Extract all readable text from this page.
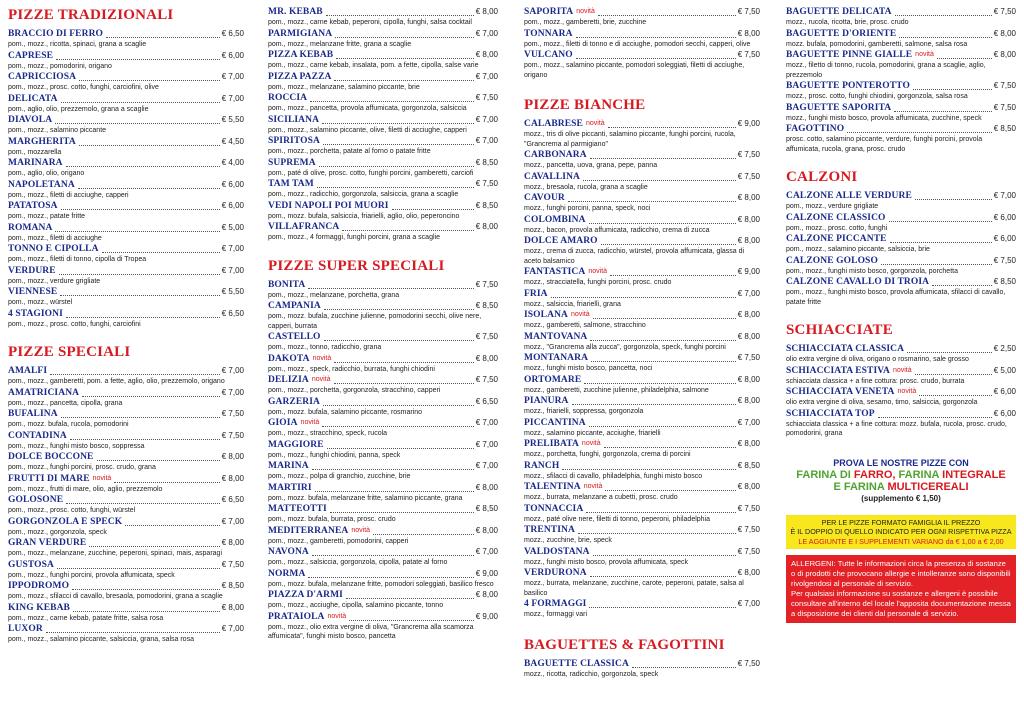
PIZZE TRADIZIONALI
BRACCIO DI FERRO	€ 6,50
pom., mozz., ricotta, spinaci, grana a scaglie
CAPRESE	€ 6,00
pom., mozz., pomodorini, origano
CAPRICCIOSA	€ 7,00
pom., mozz., prosc. cotto, funghi, carciofini, olive
DELICATA	€ 7,00
pom., aglio, olio, prezzemolo, grana a scaglie
DIAVOLA	€ 5,50
pom., mozz., salamino piccante
MARGHERITA	€ 4,50
pom., mozzarella
MARINARA	€ 4,00
pom., aglio, olio, origano
NAPOLETANA	€ 6,00
pom., mozz., filetti di acciughe, capperi
PATATOSA	€ 6,00
pom., mozz., patate fritte
ROMANA	€ 5,00
pom., mozz., filetti di acciughe
TONNO E CIPOLLA	€ 7,00
pom., mozz., filetti di tonno, cipolla di Tropea
VERDURE	€ 7,00
pom., mozz., verdure grigliate
VIENNESE	€ 5,50
pom., mozz., würstel
4 STAGIONI	€ 6,50
pom., mozz., prosc. cotto, funghi, carciofini
PIZZE SPECIALI
AMALFI	€ 7,00
pom., mozz., gamberetti, pom. a fette, aglio, olio, prezzemolo, origano
AMATRICIANA	€ 7,00
pom., mozz., pancetta, cipolla, grana
BUFALINA	€ 7,50
pom., mozz. bufala, rucola, pomodorini
CONTADINA	€ 7,50
pom., mozz., funghi misto bosco, soppressa
DOLCE BOCCONE	€ 8,00
pom., mozz., funghi porcini, prosc. crudo, grana
FRUTTI DI MARE novità	€ 8,00
pom., mozz., frutti di mare, olio, aglio, prezzemolo
GOLOSONE	€ 6,50
pom., mozz., prosc. cotto, funghi, würstel
GORGONZOLA E SPECK	€ 7,00
pom., mozz., gorgonzola, speck
GRAN VERDURE	€ 8,00
pom., mozz., melanzane, zucchine, peperoni, spinaci, mais, asparagi
GUSTOSA	€ 7,50
pom., mozz., funghi porcini, provola affumicata, speck
IPPODROMO	€ 8,50
pom., mozz., sfilacci di cavallo, bresaola, pomodorini, grana a scaglie
KING KEBAB	€ 8,00
pom., mozz., carne kebab, patate fritte, salsa rosa
LUXOR	€ 7,00
pom., mozz., salamino piccante, salsiccia, grana, salsa rosa
MR. KEBAB	€ 8,00
pom., mozz., carne kebab, peperoni, cipolla, funghi, salsa cocktail
PARMIGIANA	€ 7,00
pom., mozz., melanzane fritte, grana a scaglie
PIZZA KEBAB	€ 8,00
pom., mozz., carne kebab, insalata, pom. a fette, cipolla, salse varie
PIZZA PAZZA	€ 7,00
pom., mozz., melanzane, salamino piccante, brie
ROCCIA	€ 7,50
pom., mozz., pancetta, provola affumicata, gorgonzola, salsiccia
SICILIANA	€ 7,00
pom., mozz., salamino piccante, olive, filetti di acciughe, capperi
SPIRITOSA	€ 7,00
pom., mozz., porchetta, patate al forno o patate fritte
SUPREMA	€ 8,50
pom., paté di olive, prosc. cotto, funghi porcini, gamberetti, carciofi
TAM TAM	€ 7,50
pom., mozz., radicchio, gorgonzola, salsiccia, grana a scaglie
VEDI NAPOLI POI MUORI	€ 8,50
pom., mozz. bufala, salsiccia, friarielli, aglio, olio, peperoncino
VILLAFRANCA	€ 8,00
pom., mozz., 4 formaggi, funghi porcini, grana a scaglie
PIZZE SUPER SPECIALI
BONITA	€ 7,50
pom., mozz., melanzane, porchetta, grana
CAMPANIA	€ 8,50
pom., mozz. bufala, zucchine julienne, pomodorini secchi, olive nere, capperi, burrata
CASTELLO	€ 7,50
pom., mozz., tonno, radicchio, grana
DAKOTA novità	€ 8,00
pom., mozz., speck, radicchio, burrata, funghi chiodini
DELIZIA novità	€ 7,50
pom., mozz., porchetta, gorgonzola, stracchino, capperi
GARZERIA	€ 6,50
pom., mozz. bufala, salamino piccante, rosmarino
GIOIA novità	€ 7,00
pom., mozz., stracchino, speck, rucola
MAGGIORE	€ 7,00
pom., mozz., funghi chiodini, panna, speck
MARINA	€ 7,00
pom., mozz., polpa di granchio, zucchine, brie
MARTIRI	€ 8,00
pom., mozz. bufala, melanzane fritte, salamino piccante, grana
MATTEOTTI	€ 8,50
pom., mozz. bufala, burrata, prosc. crudo
MEDITERRANEA novità	€ 8,00
pom., mozz., gamberetti, pomodorini, capperi
NAVONA	€ 7,00
pom., mozz., salsiccia, gorgonzola, cipolla, patate al forno
NORMA	€ 9,00
pom., mozz. bufala, melanzane fritte, pomodori soleggiati, basilico fresco
PIAZZA D'ARMI	€ 8,00
pom., mozz., acciughe, cipolla, salamino piccante, tonno
PRATAIOLA novità	€ 9,00
pom., mozz., olio extra vergine di oliva, "Grancrema alla scamorza affumicata", funghi misto bosco, pancetta
SAPORITA novità	€ 7,50
pom., mozz., gamberetti, brie, zucchine
TONNARA	€ 8,00
pom., mozz., filetti di tonno e di acciughe, pomodori secchi, capperi, olive
VULCANO	€ 7,50
pom., mozz., salamino piccante, pomodori soleggiati, filetti di acciughe, origano
PIZZE BIANCHE
CALABRESE novità	€ 9,00
mozz., tris di olive piccanti, salamino piccante, funghi porcini, rucola, "Grancrema al parmigiano"
CARBONARA	€ 7,50
mozz., pancetta, uova, grana, pepe, panna
CAVALLINA	€ 7,50
mozz., bresaola, rucola, grana a scaglie
CAVOUR	€ 8,00
mozz., funghi porcini, panna, speck, noci
COLOMBINA	€ 8,00
mozz., bacon, provola affumicata, radicchio, crema di zucca
DOLCE AMARO	€ 8,00
mozz., crema di zucca, radicchio, würstel, provola affumicata, glassa di aceto balsamico
FANTASTICA novità	€ 9,00
mozz., stracciatella, funghi porcini, prosc. crudo
FRIA	€ 7,00
mozz., salsiccia, friarielli, grana
ISOLANA novità	€ 8,00
mozz., gamberetti, salmone, stracchino
MANTOVANA	€ 8,00
mozz., "Grancrema alla zucca", gorgonzola, speck, funghi porcini
MONTANARA	€ 7,50
mozz., funghi misto bosco, pancetta, noci
ORTOMARE	€ 8,00
mozz., gamberetti, zucchine julienne, philadelphia, salmone
PIANURA	€ 8,00
mozz., friarielli, soppressa, gorgonzola
PICCANTINA	€ 7,00
mozz., salamino piccante, acciughe, friarielli
PRELIBATA novità	€ 8,00
mozz., porchetta, funghi, gorgonzola, crema di porcini
RANCH	€ 8,50
mozz., sfilacci di cavallo, philadelphia, funghi misto bosco
TALENTINA novità	€ 8,00
mozz., burrata, melanzane a cubetti, prosc. crudo
TONNACCIA	€ 7,50
mozz., paté olive nere, filetti di tonno, peperoni, philadelphia
TRENTINA	€ 7,50
mozz., zucchine, brie, speck
VALDOSTANA	€ 7,50
mozz., funghi misto bosco, provola affumicata, speck
VERDURONA	€ 8,00
mozz., burrata, melanzane, zucchine, carote, peperoni, patate, salsa al basilico
4 FORMAGGI	€ 7,00
mozz., formaggi vari
BAGUETTES & FAGOTTINI
BAGUETTE CLASSICA	€ 7,50
mozz., ricotta, radicchio, gorgonzola, speck
BAGUETTE DELICATA	€ 7,50
mozz., rucola, ricotta, brie, prosc. crudo
BAGUETTE D'ORIENTE	€ 8,00
mozz. bufala, pomodorini, gamberetti, salmone, salsa rosa
BAGUETTE PINNE GIALLE novità	€ 8,00
mozz., filetto di tonno, rucola, pomodorini, grana a scaglie, aglio, prezzemolo
BAGUETTE PONTEROTTO	€ 7,50
mozz., prosc. cotto, funghi chiodini, gorgonzola, salsa rosa
BAGUETTE SAPORITA	€ 7,50
mozz., funghi misto bosco, provola affumicata, zucchine, speck
FAGOTTINO	€ 8,50
prosc. cotto, salamino piccante, verdure, funghi porcini, provola affumicata, rucola, grana, prosc. crudo
CALZONI
CALZONE ALLE VERDURE	€ 7,00
pom., mozz., verdure grigliate
CALZONE CLASSICO	€ 6,00
pom., mozz., prosc. cotto, funghi
CALZONE PICCANTE	€ 6,00
pom., mozz., salamino piccante, salsiccia, brie
CALZONE GOLOSO	€ 7,50
pom., mozz., funghi misto bosco, gorgonzola, porchetta
CALZONE CAVALLO DI TROIA	€ 8,50
pom., mozz., funghi misto bosco, provola affumicata, sfilacci di cavallo, patate fritte
SCHIACCIATE
SCHIACCIATA CLASSICA	€ 2,50
olio extra vergine di oliva, origano o rosmarino, sale grosso
SCHIACCIATA ESTIVA novità	€ 5,00
schiacciata classica + a fine cottura: prosc. crudo, burrata
SCHIACCIATA VENETA novità	€ 6,00
olio extra vergine di oliva, sesamo, timo, salsiccia, gorgonzola
SCHIACCIATA TOP	€ 6,00
schiacciata classica + a fine cottura: mozz. bufala, rucola, prosc. crudo, pomodorini, grana
PROVA LE NOSTRE PIZZE CON
FARINA DI FARRO, FARINA INTEGRALE
E FARINA MULTICEREALI
(supplemento € 1,50)
PER LE PIZZE FORMATO FAMIGLIA IL PREZZO
È IL DOPPIO DI QUELLO INDICATO PER OGNI RISPETTIVA PIZZA
LE AGGIUNTE E I SUPPLEMENTI VARIANO da € 1,00 a € 2,00
ALLERGENI: Tutte le informazioni circa la presenza di sostanze o di prodotti che provocano allergie e intolleranze sono disponibili rivolgendosi al personale di servizio.
Per qualsiasi informazione su sostanze e allergeni è possibile consultare all'interno del locale l'apposita documentazione messa a disposizione dei clienti dal personale di servizio.
